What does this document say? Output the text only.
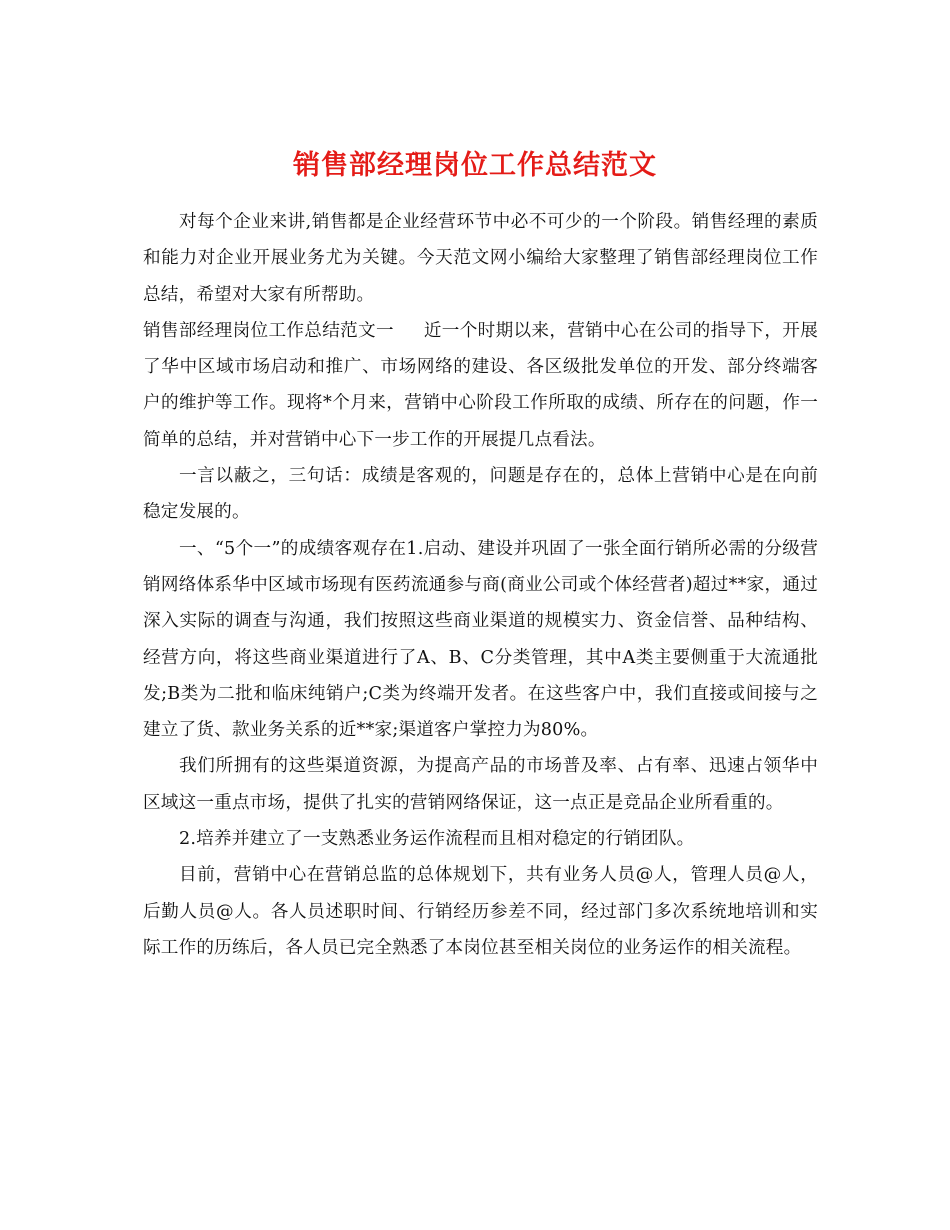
销售部经理岗位工作总结范文

对每个企业来讲,销售都是企业经营环节中必不可少的一个阶段。销售经理的素质和能力对企业开展业务尤为关键。今天范文网小编给大家整理了销售部经理岗位工作总结，希望对大家有所帮助。

销售部经理岗位工作总结范文一 近一个时期以来，营销中心在公司的指导下，开展了华中区域市场启动和推广、市场网络的建设、各区级批发单位的开发、部分终端客户的维护等工作。现将*个月来，营销中心阶段工作所取的成绩、所存在的问题，作一简单的总结，并对营销中心下一步工作的开展提几点看法。

一言以蔽之，三句话：成绩是客观的，问题是存在的，总体上营销中心是在向前稳定发展的。

一、“5个一”的成绩客观存在1.启动、建设并巩固了一张全面行销所必需的分级营销网络体系华中区域市场现有医药流通参与商(商业公司或个体经营者)超过**家，通过深入实际的调查与沟通，我们按照这些商业渠道的规模实力、资金信誉、品种结构、经营方向，将这些商业渠道进行了A、B、C分类管理，其中A类主要侧重于大流通批发;B类为二批和临床纯销户;C类为终端开发者。在这些客户中，我们直接或间接与之建立了货、款业务关系的近**家;渠道客户掌控力为80%。

我们所拥有的这些渠道资源，为提高产品的市场普及率、占有率、迅速占领华中区域这一重点市场，提供了扎实的营销网络保证，这一点正是竞品企业所看重的。

2.培养并建立了一支熟悉业务运作流程而且相对稳定的行销团队。

目前，营销中心在营销总监的总体规划下，共有业务人员@人，管理人员@人，后勤人员@人。各人员述职时间、行销经历参差不同，经过部门多次系统地培训和实际工作的历练后，各人员已完全熟悉了本岗位甚至相关岗位的业务运作的相关流程。
